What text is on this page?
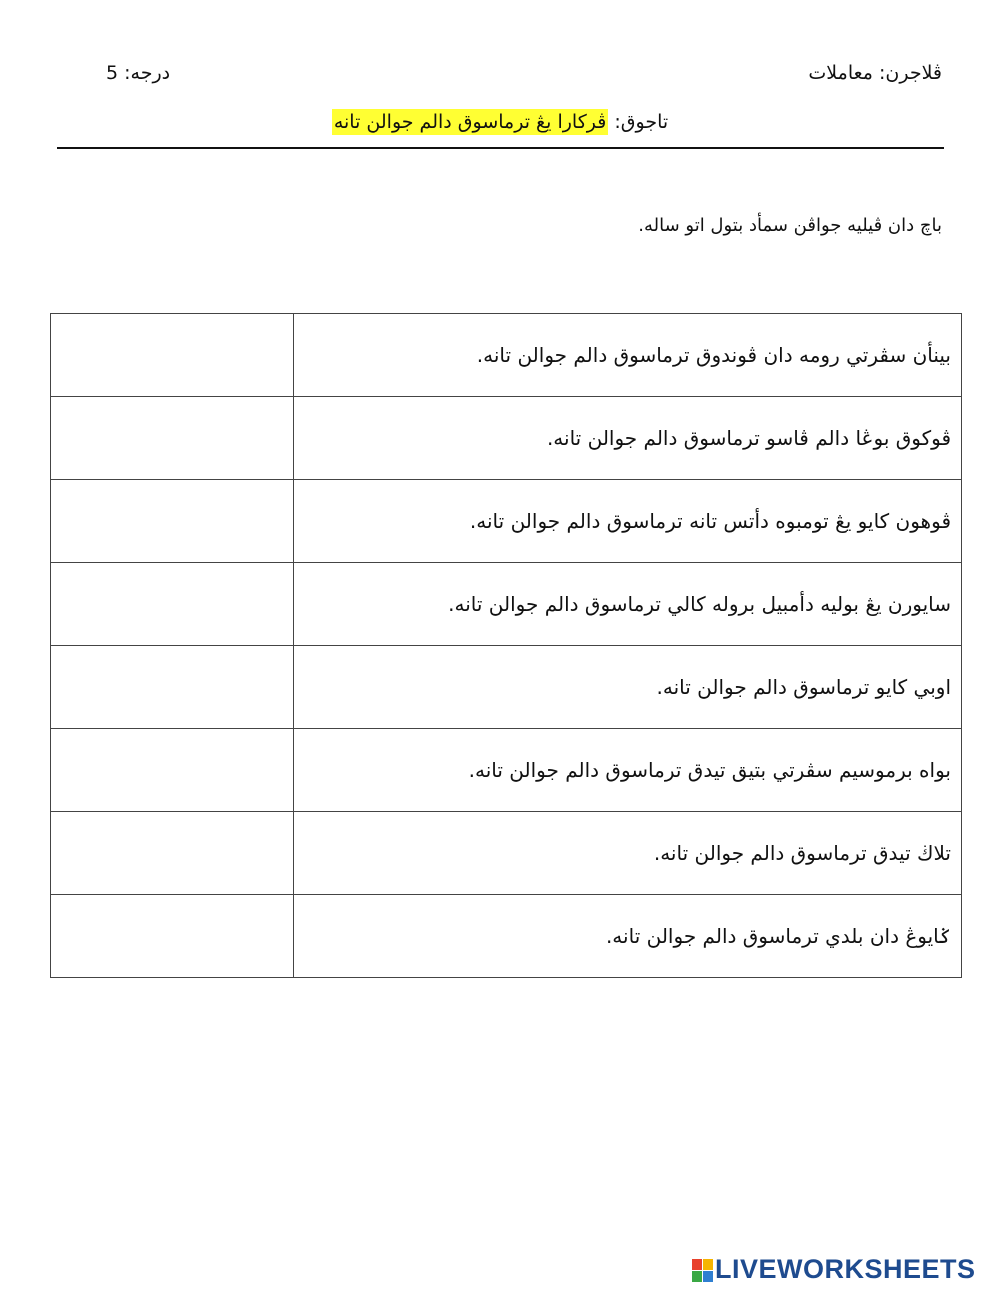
ڤلاجرن: معاملات
درجه: 5
تاجوق: ڤركارا يڠ ترماسوق دالم جوالن تانه
باچ دان ڤيليه جواڤن سمأد بتول اتو ساله.
	بينأن سڤرتي رومه دان ڤوندوق ترماسوق دالم جوالن تانه.
	ڤوكوق بوڠا دالم ڤاسو ترماسوق دالم جوالن تانه.
	ڤوهون كايو يڠ تومبوه دأتس تانه ترماسوق دالم جوالن تانه.
	سايورن يڠ بوليه دأمبيل بروله كالي ترماسوق دالم جوالن تانه.
	اوبي كايو ترماسوق دالم جوالن تانه.
	بواه برموسيم سڤرتي بتيق تيدق ترماسوق دالم جوالن تانه.
	تلاڬ تيدق ترماسوق دالم جوالن تانه.
	ݢايوڠ دان بلدي ترماسوق دالم جوالن تانه.
LIVEWORKSHEETS
